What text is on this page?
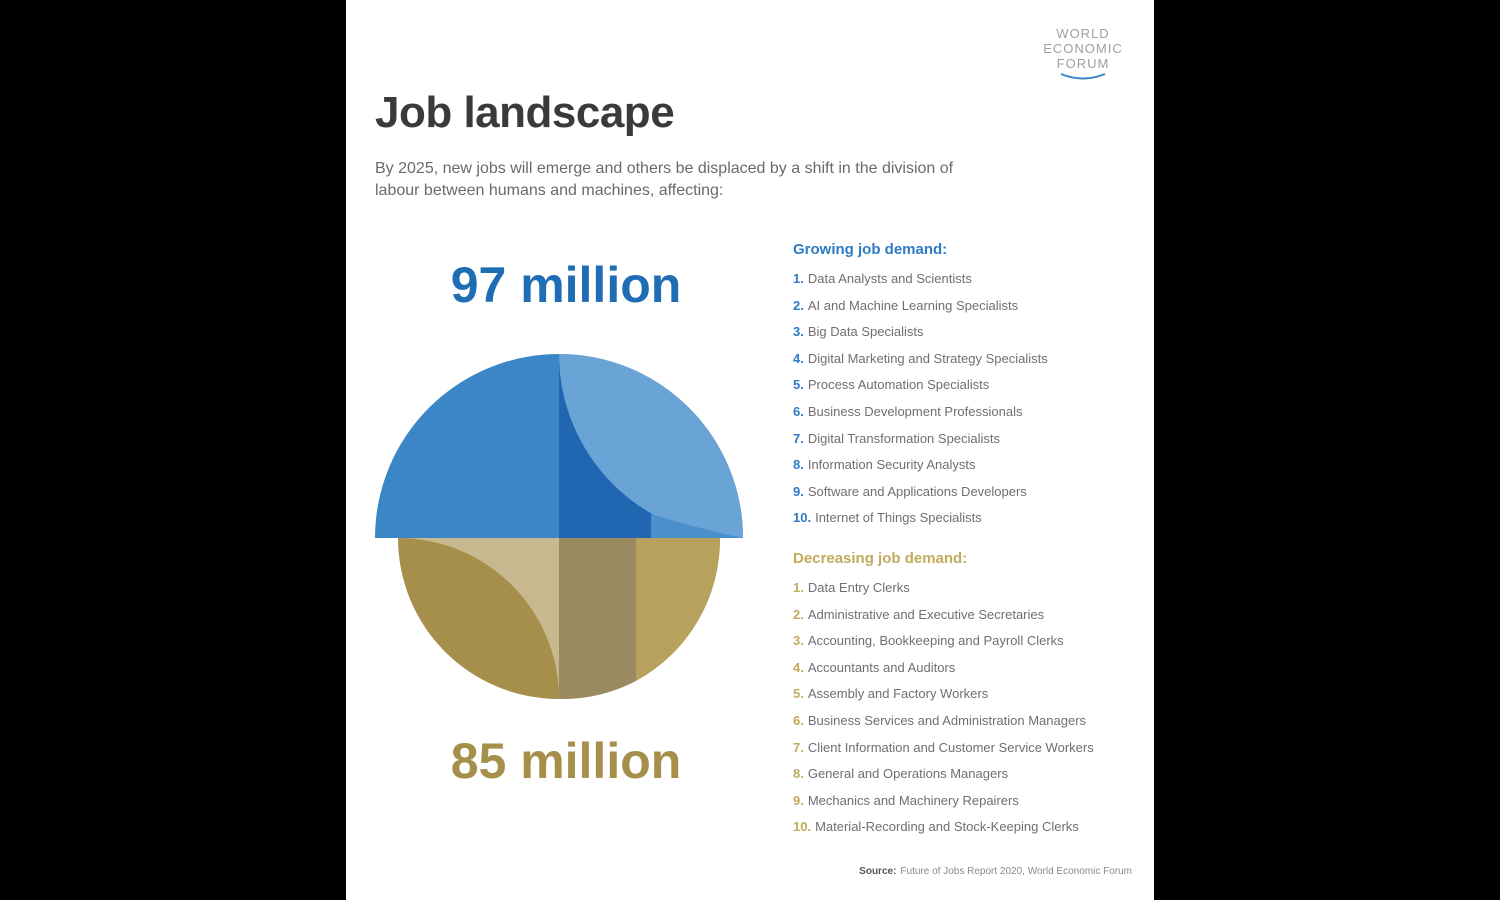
WORLD
ECONOMIC
FORUM
Job landscape

By 2025, new jobs will emerge and others be displaced by a shift in the division of labour between humans and machines, affecting:

97 million
85 million
Growing job demand:
1. Data Analysts and Scientists
2. AI and Machine Learning Specialists
3. Big Data Specialists
4. Digital Marketing and Strategy Specialists
5. Process Automation Specialists
6. Business Development Professionals
7. Digital Transformation Specialists
8. Information Security Analysts
9. Software and Applications Developers
10. Internet of Things Specialists
Decreasing job demand:
1. Data Entry Clerks
2. Administrative and Executive Secretaries
3. Accounting, Bookkeeping and Payroll Clerks
4. Accountants and Auditors
5. Assembly and Factory Workers
6. Business Services and Administration Managers
7. Client Information and Customer Service Workers
8. General and Operations Managers
9. Mechanics and Machinery Repairers
10. Material-Recording and Stock-Keeping Clerks
Source: Future of Jobs Report 2020, World Economic Forum
